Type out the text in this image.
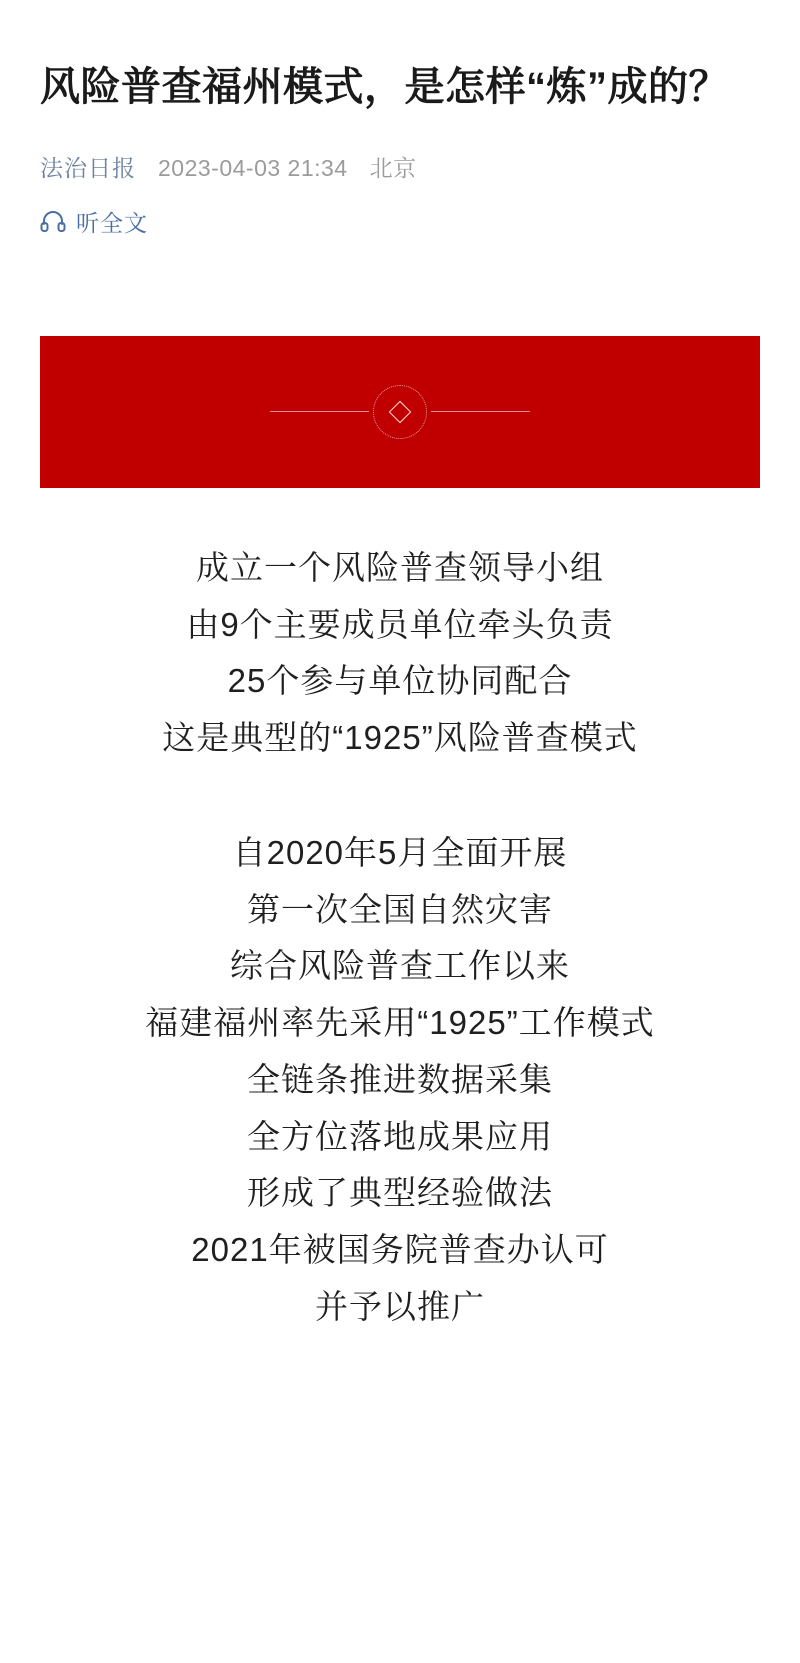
风险普查福州模式，是怎样“炼”成的？
法治日报 2023-04-03 21:34 北京
听全文
成立一个风险普查领导小组
由9个主要成员单位牵头负责
25个参与单位协同配合
这是典型的“1925”风险普查模式
自2020年5月全面开展
第一次全国自然灾害
综合风险普查工作以来
福建福州率先采用“1925”工作模式
全链条推进数据采集
全方位落地成果应用
形成了典型经验做法
2021年被国务院普查办认可
并予以推广
